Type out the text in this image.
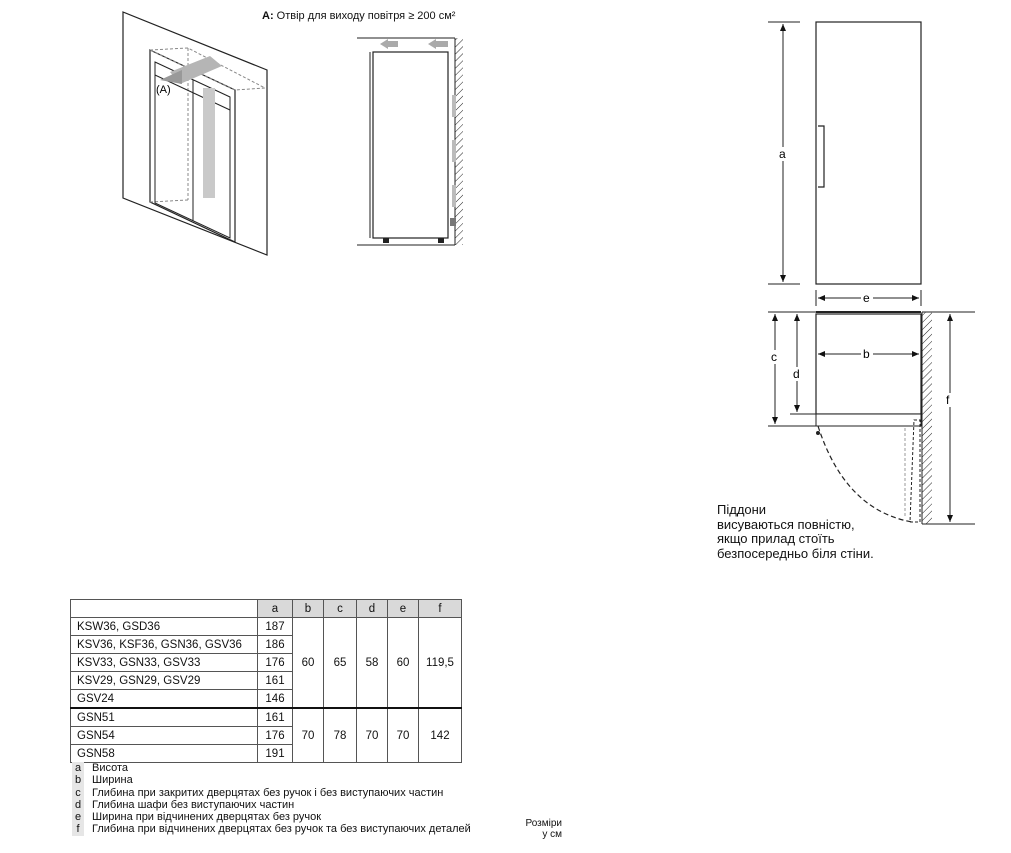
A: Отвір для виходу повітря ≥ 200 см²
(A)
a
e
b
c
d
f
Піддони
висуваються повністю,
якщо прилад стоїть
безпосередньо біля стіни.
	a	b	c	d	e	f
KSW36, GSD36	187	60	65	58	60	119,5
KSV36, KSF36, GSN36, GSV36	186					
KSV33, GSN33, GSV33	176					
KSV29, GSN29, GSV29	161					
GSV24	146					
GSN51	161	70	78	70	70	142
GSN54	176					
GSN58	191					
a Висота
b Ширина
c Глибина при закритих дверцятах без ручок і без виступаючих частин
d Глибина шафи без виступаючих частин
e Ширина при відчинених дверцятах без ручок
f	Глибина при відчинених дверцятах без ручок та без виступаючих деталей	Розміри
у см
